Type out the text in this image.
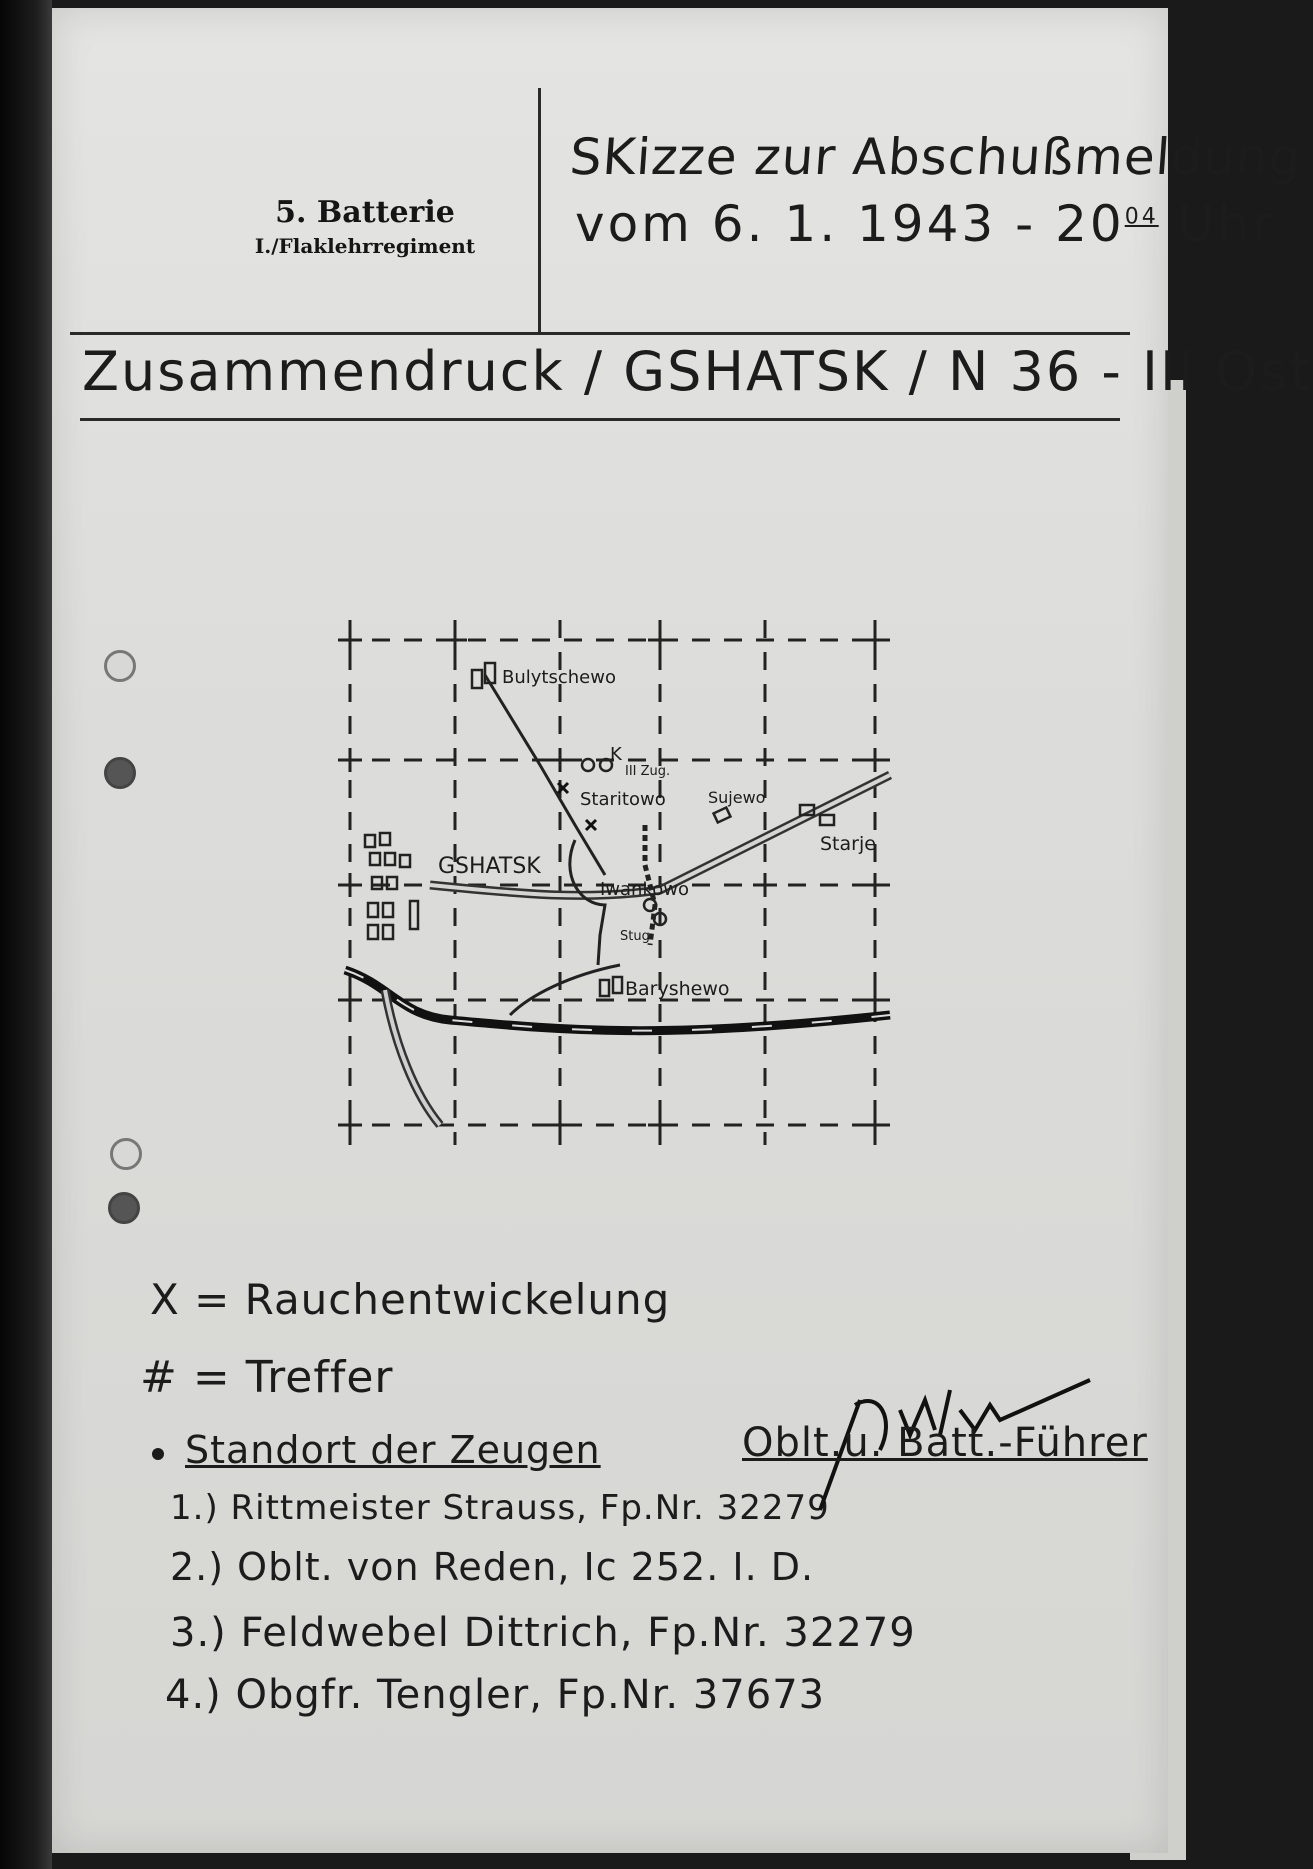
5. Batterie
I./Flaklehrregiment
SKizze zur Abschußmeldung
vom 6. 1. $1943 - 20^{04}$ Uhr
Zusammendruck / GSHATSK / N 36 - III Ost
Bulytschewo
K
III Zug.
Staritowo	Sujewo
Starje
GSHATSK
Iwankowo
Stug
Baryshewo
X = Rauchentwickelung
# = Treffer
Standort der Zeugen
1.) Rittmeister Strauss, Fp.Nr. 32279
2.) Oblt. von Reden, Ic 252. I. D.
3.) Feldwebel Dittrich, Fp.Nr. 32279
4.) Obgfr. Tengler, Fp.Nr. 37673
Oblt.u. Batt.-Führer
